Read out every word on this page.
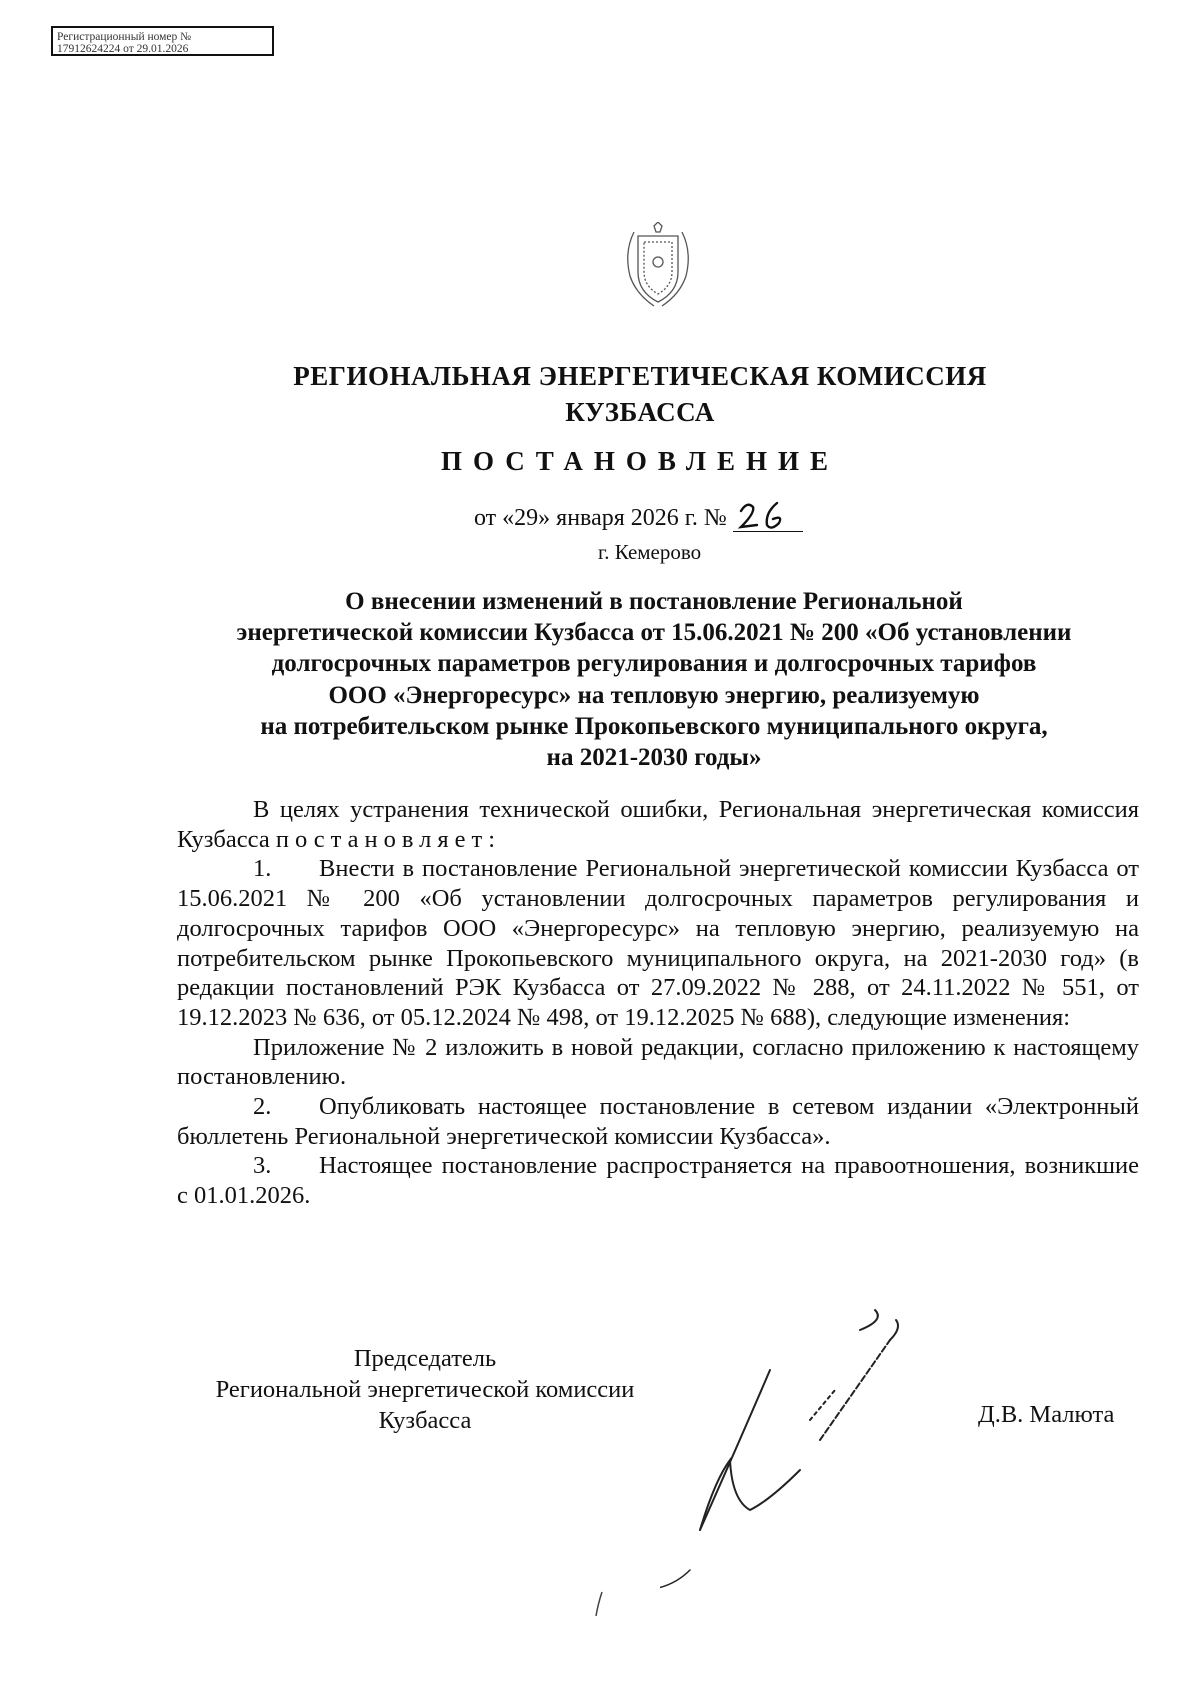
Регистрационный номер №
17912624224 от 29.01.2026
РЕГИОНАЛЬНАЯ ЭНЕРГЕТИЧЕСКАЯ КОМИССИЯ
КУЗБАССА
ПОСТАНОВЛЕНИЕ
от «29» января 2026 г. №
г. Кемерово
О внесении изменений в постановление Региональной
энергетической комиссии Кузбасса от 15.06.2021 № 200 «Об установлении
долгосрочных параметров регулирования и долгосрочных тарифов
ООО «Энергоресурс» на тепловую энергию, реализуемую
на потребительском рынке Прокопьевского муниципального округа,
на 2021-2030 годы»

В целях устранения технической ошибки, Региональная энергетическая комиссия Кузбасса постановляет:

1. Внести в постановление Региональной энергетической комиссии Кузбасса от 15.06.2021 № 200 «Об установлении долгосрочных параметров регулирования и долгосрочных тарифов ООО «Энергоресурс» на тепловую энергию, реализуемую на потребительском рынке Прокопьевского муниципального округа, на 2021-2030 год» (в редакции постановлений РЭК Кузбасса от 27.09.2022 № 288, от 24.11.2022 № 551, от 19.12.2023 № 636, от 05.12.2024 № 498, от 19.12.2025 № 688), следующие изменения:

Приложение № 2 изложить в новой редакции, согласно приложению к настоящему постановлению.

2. Опубликовать настоящее постановление в сетевом издании «Электронный бюллетень Региональной энергетической комиссии Кузбасса».

3. Настоящее постановление распространяется на правоотношения, возникшие с 01.01.2026.

Председатель
Региональной энергетической комиссии
Кузбасса	Д.В. Малюта
